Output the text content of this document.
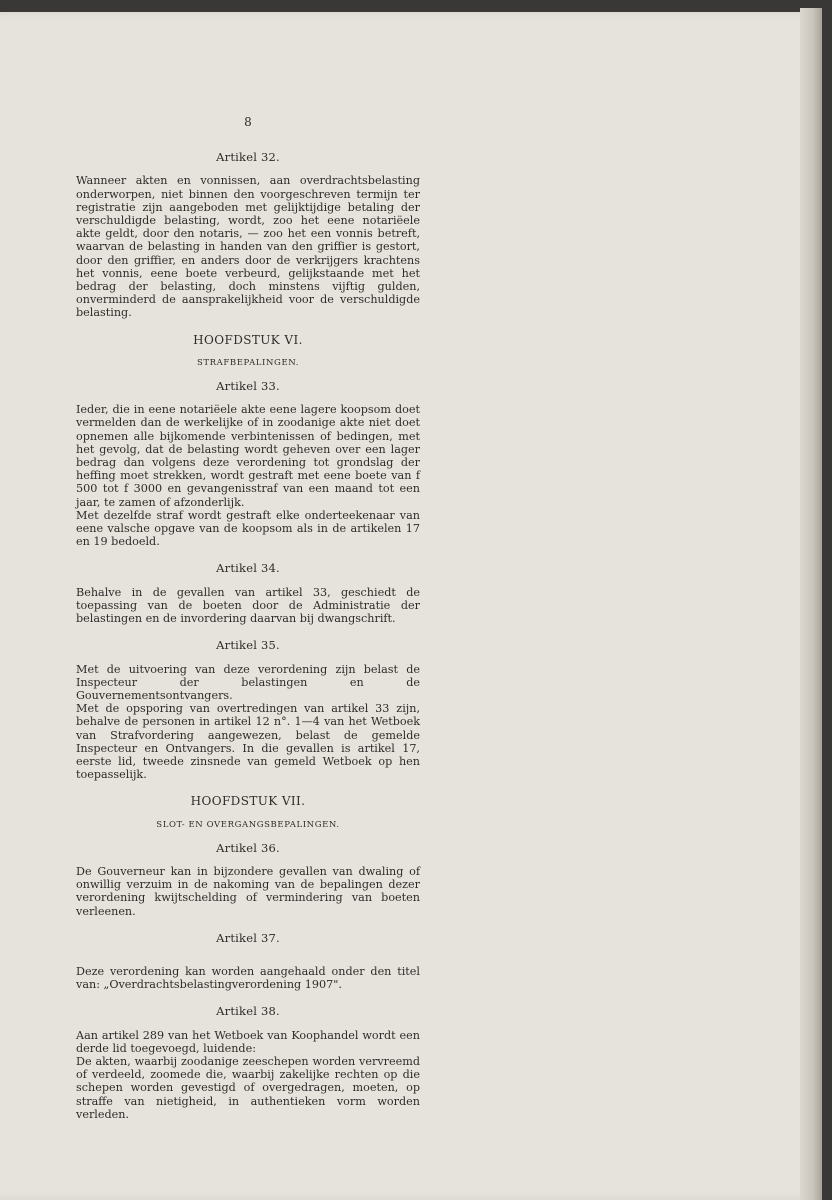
8
Artikel 32.

Wanneer akten en vonnissen, aan overdrachtsbelasting onderworpen, niet binnen den voorgeschreven termijn ter registratie zijn aangeboden met gelijktijdige betaling der verschuldigde belasting, wordt, zoo het eene notariëele akte geldt, door den notaris, — zoo het een vonnis betreft, waarvan de belasting in handen van den griffier is gestort, door den griffier, en anders door de verkrijgers krachtens het vonnis, eene boete verbeurd, gelijkstaande met het bedrag der belasting, doch minstens vijftig gulden, onverminderd de aansprakelijkheid voor de verschuldigde belasting.

HOOFDSTUK VI.
STRAFBEPALINGEN.
Artikel 33.

Ieder, die in eene notariëele akte eene lagere koopsom doet vermelden dan de werkelijke of in zoodanige akte niet doet opnemen alle bijkomende verbintenissen of bedingen, met het gevolg, dat de belasting wordt geheven over een lager bedrag dan volgens deze verordening tot grondslag der heffing moet strekken, wordt gestraft met eene boete van f 500 tot f 3000 en gevangenisstraf van een maand tot een jaar, te zamen of afzonderlijk.

Met dezelfde straf wordt gestraft elke onderteekenaar van eene valsche opgave van de koopsom als in de artikelen 17 en 19 bedoeld.

Artikel 34.

Behalve in de gevallen van artikel 33, geschiedt de toepassing van de boeten door de Administratie der belastingen en de invordering daarvan bij dwangschrift.

Artikel 35.

Met de uitvoering van deze verordening zijn belast de Inspecteur der belastingen en de Gouvernementsontvangers.

Met de opsporing van overtredingen van artikel 33 zijn, behalve de personen in artikel 12 n°. 1—4 van het Wetboek van Strafvordering aangewezen, belast de gemelde Inspecteur en Ontvangers. In die gevallen is artikel 17, eerste lid, tweede zinsnede van gemeld Wetboek op hen toepasselijk.

HOOFDSTUK VII.
SLOT- EN OVERGANGSBEPALINGEN.
Artikel 36.

De Gouverneur kan in bijzondere gevallen van dwaling of onwillig verzuim in de nakoming van de bepalingen dezer verordening kwijtschelding of vermindering van boeten verleenen.

Artikel 37.

Deze verordening kan worden aangehaald onder den titel van: „Overdrachtsbelastingverordening 1907".

Artikel 38.

Aan artikel 289 van het Wetboek van Koophandel wordt een derde lid toegevoegd, luidende:

De akten, waarbij zoodanige zeeschepen worden vervreemd of verdeeld, zoomede die, waarbij zakelijke rechten op die schepen worden gevestigd of overgedragen, moeten, op straffe van nietigheid, in authentieken vorm worden verleden.
